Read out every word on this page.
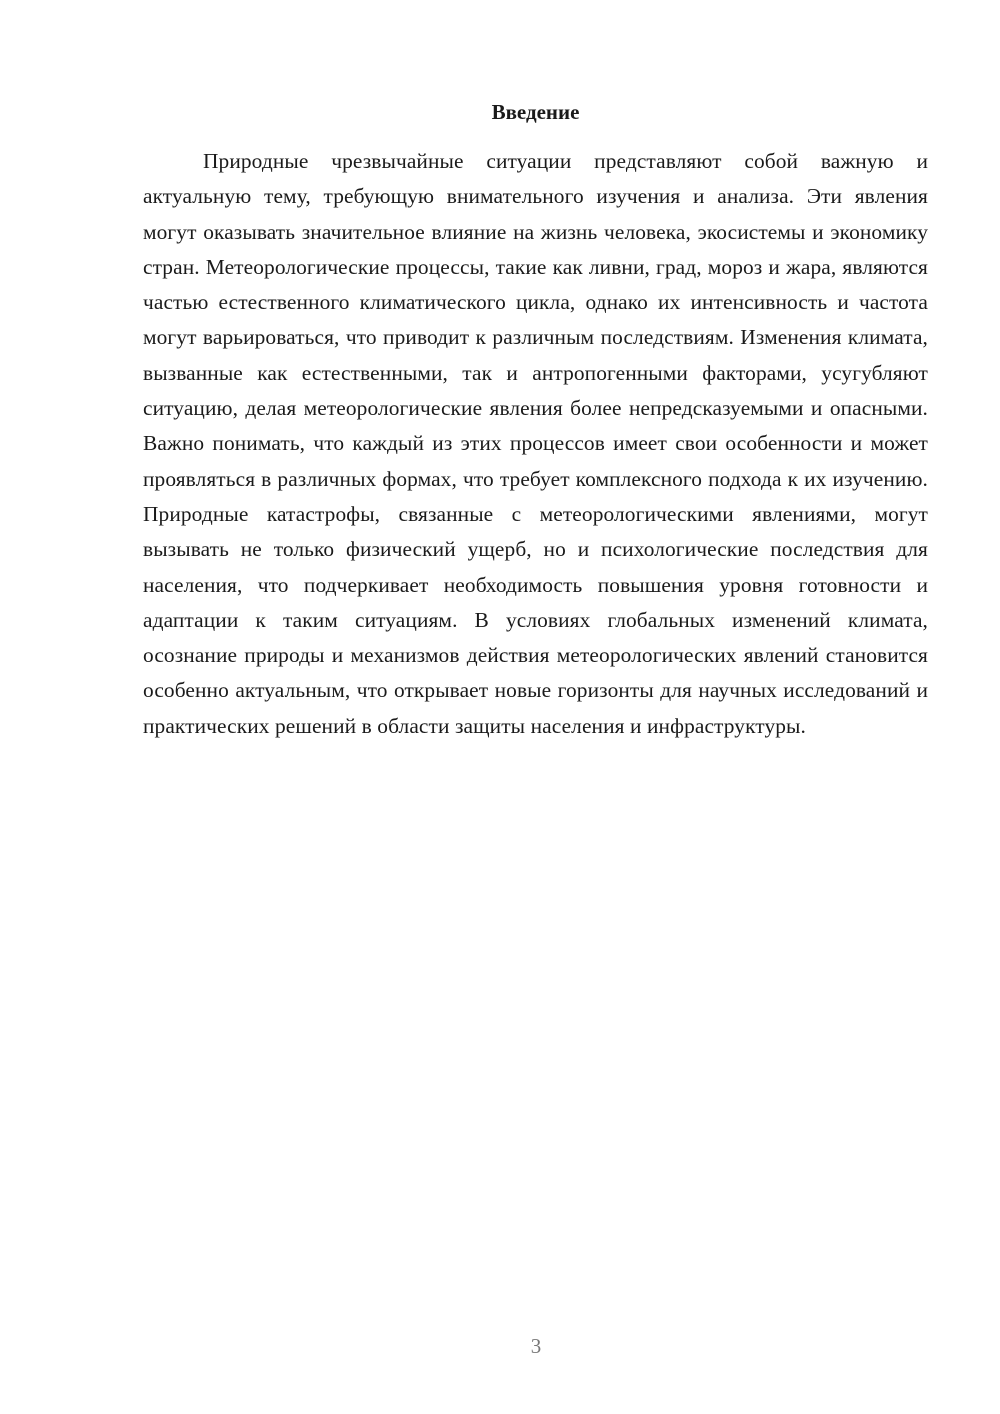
Введение

Природные чрезвычайные ситуации представляют собой важную и актуальную тему, требующую внимательного изучения и анализа. Эти явления могут оказывать значительное влияние на жизнь человека, экосистемы и экономику стран. Метеорологические процессы, такие как ливни, град, мороз и жара, являются частью естественного климатического цикла, однако их интенсивность и частота могут варьироваться, что приводит к различным последствиям. Изменения климата, вызванные как естественными, так и антропогенными факторами, усугубляют ситуацию, делая метеорологические явления более непредсказуемыми и опасными. Важно понимать, что каждый из этих процессов имеет свои особенности и может проявляться в различных формах, что требует комплексного подхода к их изучению. Природные катастрофы, связанные с метеорологическими явлениями, могут вызывать не только физический ущерб, но и психологические последствия для населения, что подчеркивает необходимость повышения уровня готовности и адаптации к таким ситуациям. В условиях глобальных изменений климата, осознание природы и механизмов действия метеорологических явлений становится особенно актуальным, что открывает новые горизонты для научных исследований и практических решений в области защиты населения и инфраструктуры.

3
